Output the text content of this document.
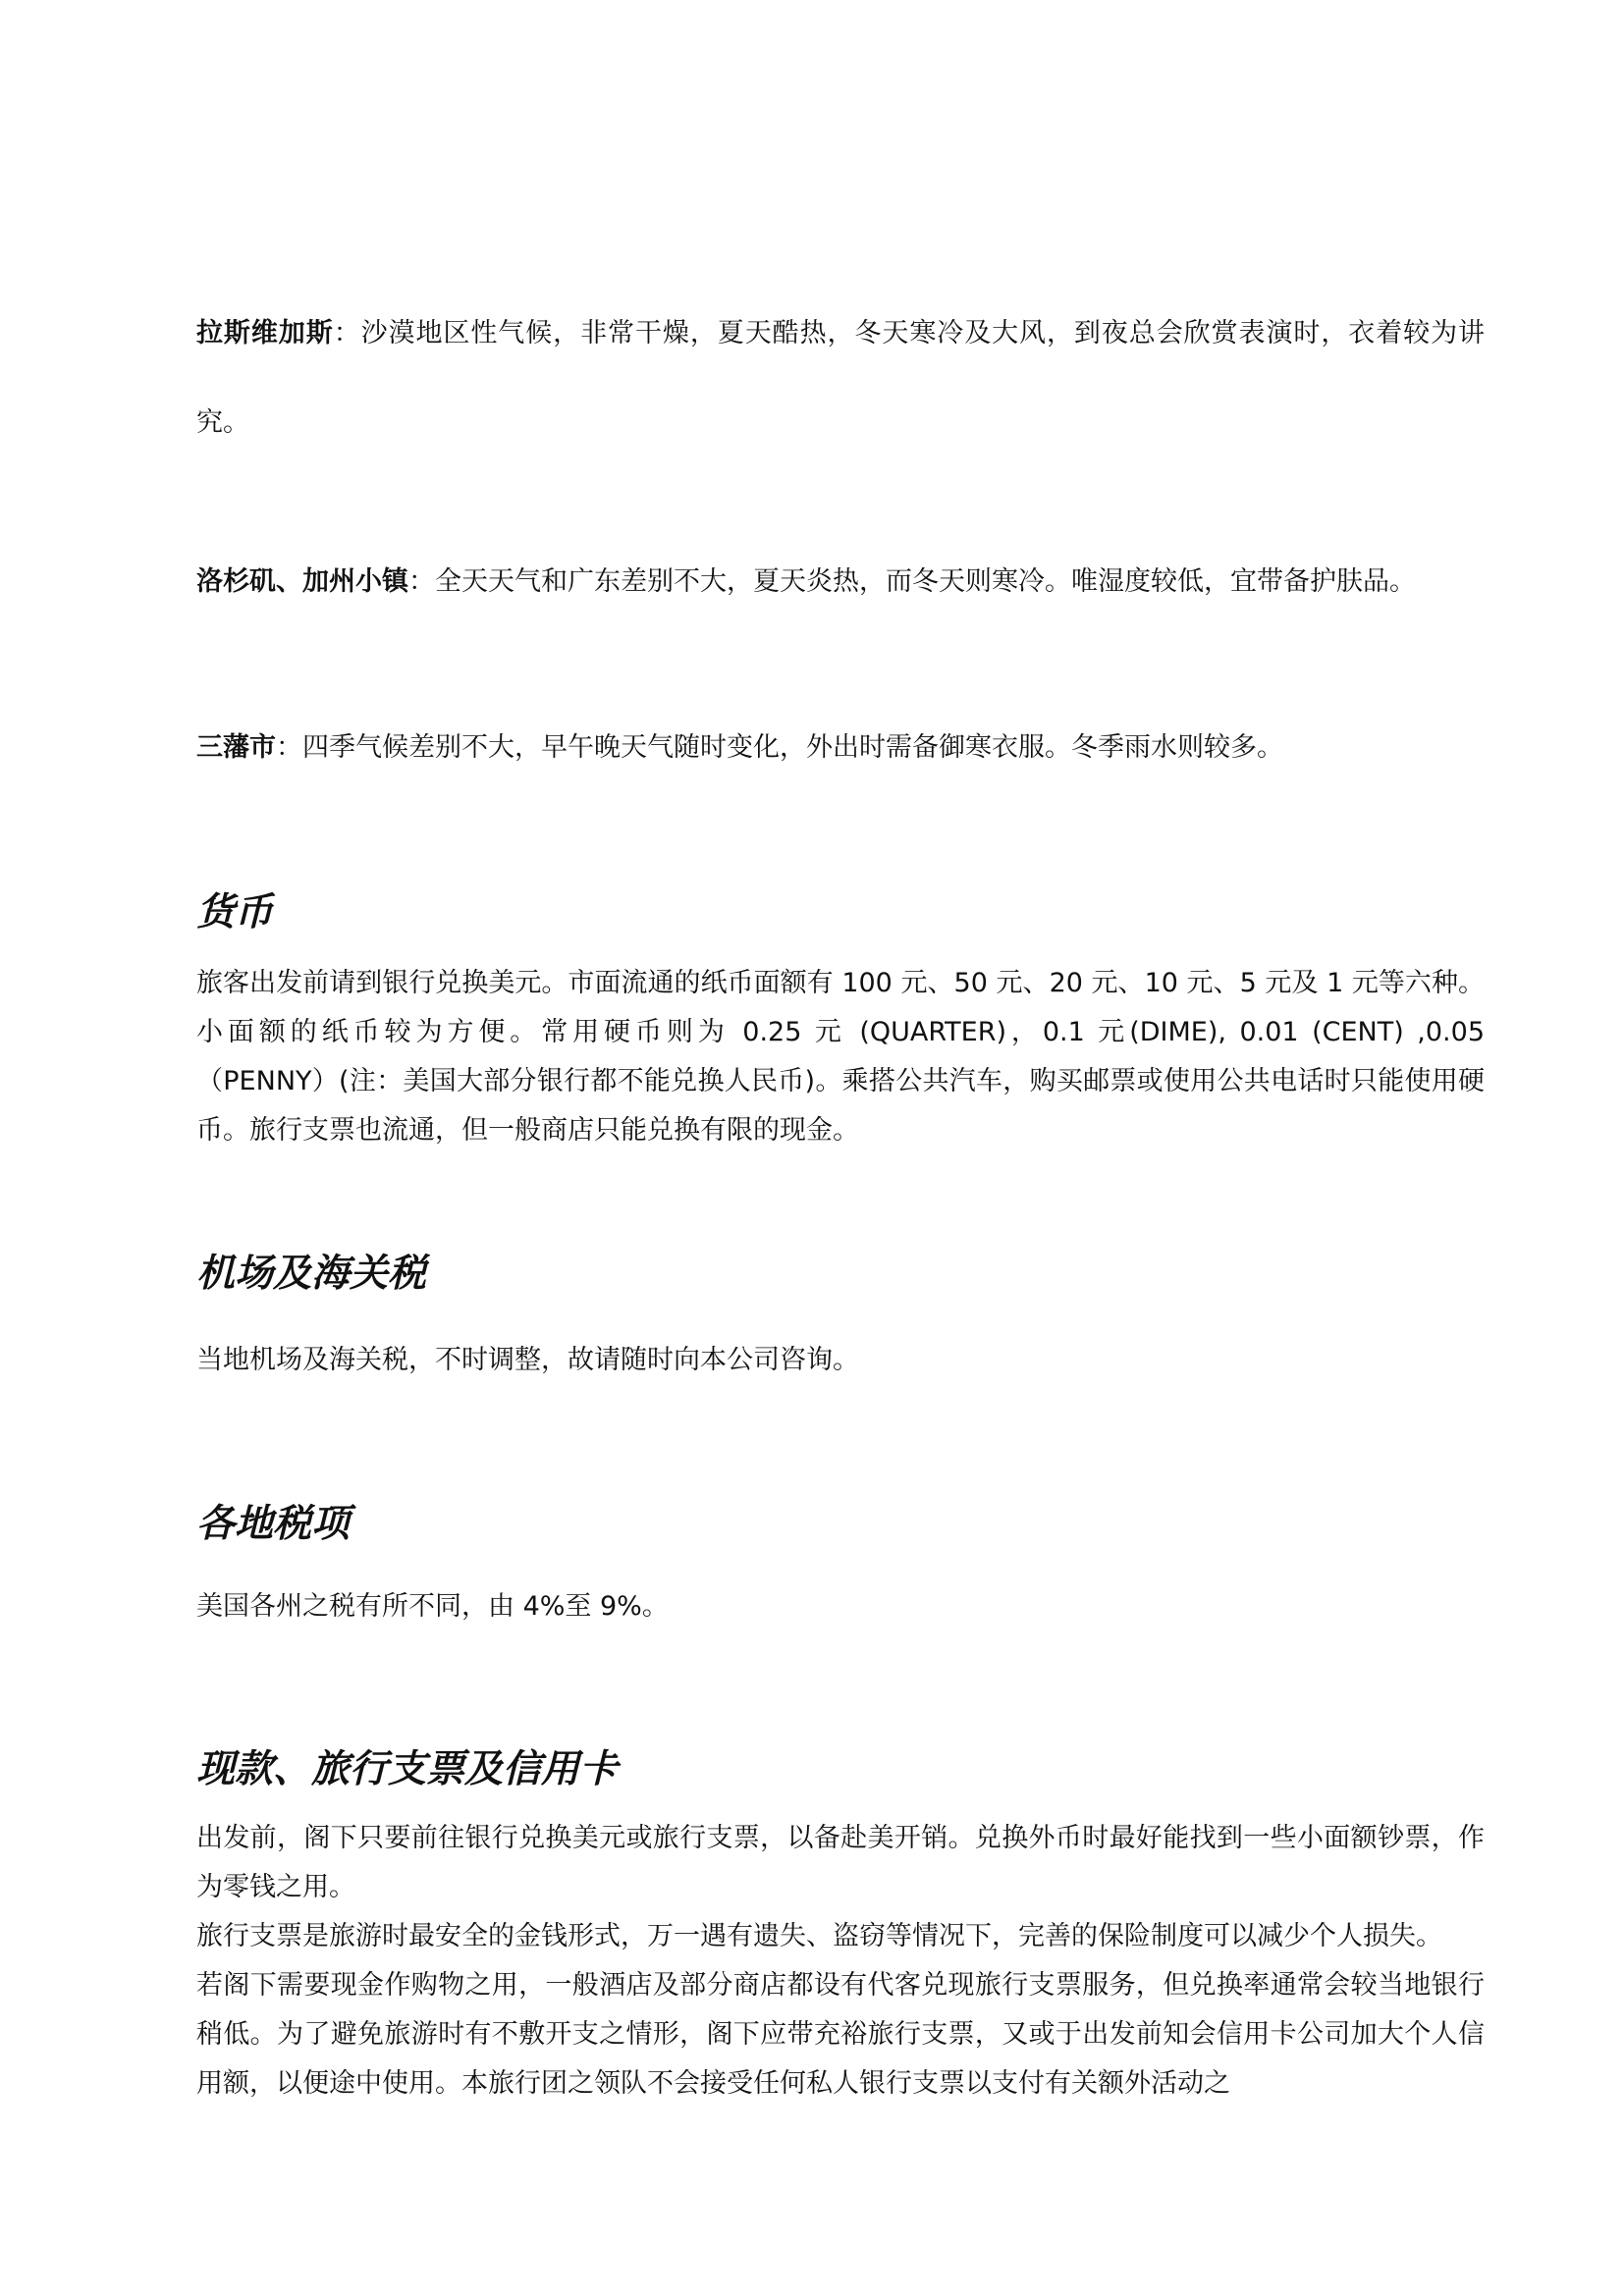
拉斯维加斯：沙漠地区性气候，非常干燥，夏天酷热，冬天寒冷及大风，到夜总会欣赏表演时，衣着较为讲究。

洛杉矶、加州小镇：全天天气和广东差别不大，夏天炎热，而冬天则寒冷。唯湿度较低，宜带备护肤品。

三藩市：四季气候差别不大，早午晚天气随时变化，外出时需备御寒衣服。冬季雨水则较多。

货币

旅客出发前请到银行兑换美元。市面流通的纸币面额有 100 元、50 元、20 元、10 元、5 元及 1 元等六种。小面额的纸币较为方便。常用硬币则为 0.25 元 (QUARTER)，0.1 元(DIME), 0.01 (CENT) ,0.05 （PENNY）(注：美国大部分银行都不能兑换人民币)。乘搭公共汽车，购买邮票或使用公共电话时只能使用硬币。旅行支票也流通，但一般商店只能兑换有限的现金。

机场及海关税

当地机场及海关税，不时调整，故请随时向本公司咨询。

各地税项

美国各州之税有所不同，由 4%至 9%。

现款、旅行支票及信用卡

出发前，阁下只要前往银行兑换美元或旅行支票，以备赴美开销。兑换外币时最好能找到一些小面额钞票，作为零钱之用。

旅行支票是旅游时最安全的金钱形式，万一遇有遗失、盗窃等情况下，完善的保险制度可以减少个人损失。

若阁下需要现金作购物之用，一般酒店及部分商店都设有代客兑现旅行支票服务，但兑换率通常会较当地银行稍低。为了避免旅游时有不敷开支之情形，阁下应带充裕旅行支票，又或于出发前知会信用卡公司加大个人信用额，以便途中使用。本旅行团之领队不会接受任何私人银行支票以支付有关额外活动之
